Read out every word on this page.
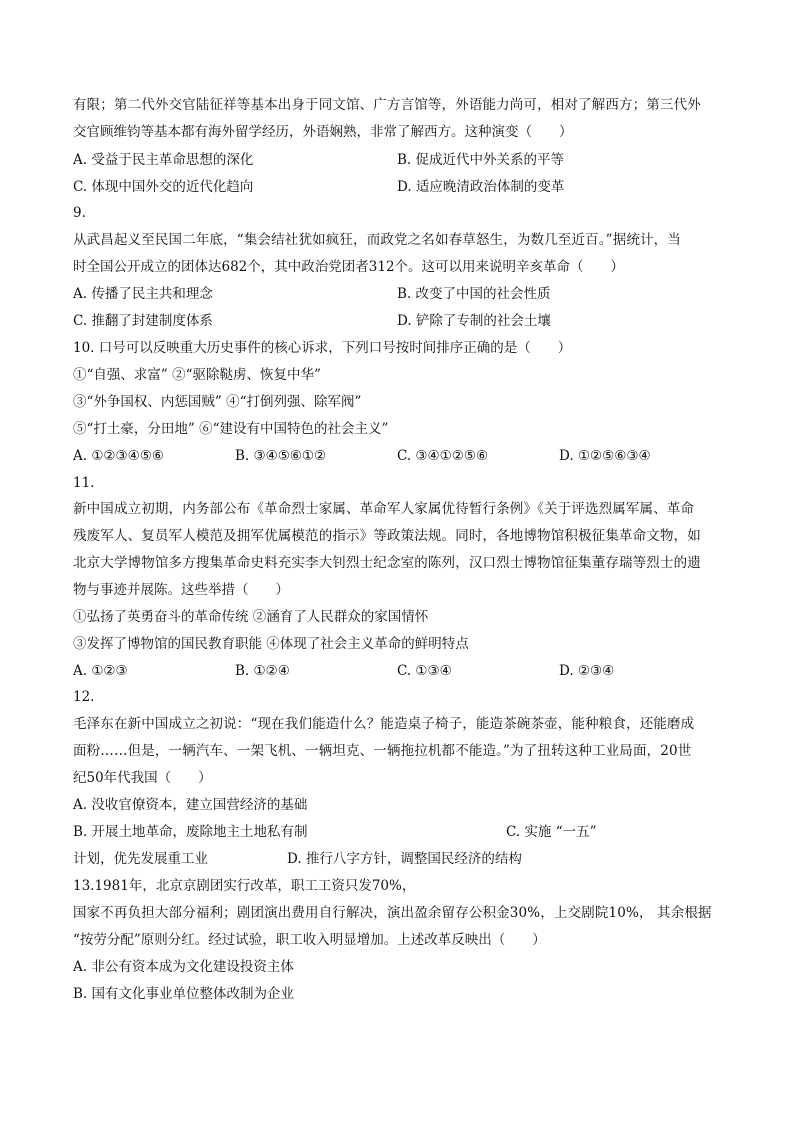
有限；第二代外交官陆征祥等基本出身于同文馆、广方言馆等，外语能力尚可，相对了解西方；第三代外
交官顾维钧等基本都有海外留学经历，外语娴熟，非常了解西方。这种演变（　　）
A. 受益于民主革命思想的深化	B. 促成近代中外关系的平等
C. 体现中国外交的近代化趋向	D. 适应晚清政治体制的变革
9.
从武昌起义至民国二年底，“集会结社犹如疯狂，而政党之名如春草怒生，为数几至近百。”据统计，当
时全国公开成立的团体达682个，其中政治党团者312个。这可以用来说明辛亥革命（　　）
A. 传播了民主共和理念	B. 改变了中国的社会性质
C. 推翻了封建制度体系	D. 铲除了专制的社会土壤
10. 口号可以反映重大历史事件的核心诉求，下列口号按时间排序正确的是（　　）
①“自强、求富” ②“驱除鞑虏、恢复中华”
③“外争国权、内惩国贼” ④“打倒列强、除军阀”
⑤“打土豪，分田地” ⑥“建设有中国特色的社会主义”
A. ①②③④⑤⑥	B. ③④⑤⑥①②	C. ③④①②⑤⑥	D. ①②⑤⑥③④
11.
新中国成立初期，内务部公布《革命烈士家属、革命军人家属优待暂行条例》《关于评选烈属军属、革命
残废军人、复员军人模范及拥军优属模范的指示》等政策法规。同时，各地博物馆积极征集革命文物，如
北京大学博物馆多方搜集革命史料充实李大钊烈士纪念室的陈列，汉口烈士博物馆征集董存瑞等烈士的遗
物与事迹并展陈。这些举措（　　）
①弘扬了英勇奋斗的革命传统 ②涵育了人民群众的家国情怀
③发挥了博物馆的国民教育职能 ④体现了社会主义革命的鲜明特点
A. ①②③	B. ①②④	C. ①③④	D. ②③④
12.
毛泽东在新中国成立之初说：“现在我们能造什么？能造桌子椅子，能造茶碗茶壶，能种粮食，还能磨成
面粉……但是，一辆汽车、一架飞机、一辆坦克、一辆拖拉机都不能造。”为了扭转这种工业局面，20世
纪50年代我国（　　）
A. 没收官僚资本，建立国营经济的基础
B. 开展土地革命，废除地主土地私有制	C. 实施 “一五”
计划，优先发展重工业	D. 推行八字方针，调整国民经济的结构
13.1981年，北京京剧团实行改革，职工工资只发70%，
国家不再负担大部分福利；剧团演出费用自行解决，演出盈余留存公积金30%，上交剧院10%， 其余根据
“按劳分配”原则分红。经过试验，职工收入明显增加。上述改革反映出（　　）
A. 非公有资本成为文化建设投资主体
B. 国有文化事业单位整体改制为企业
